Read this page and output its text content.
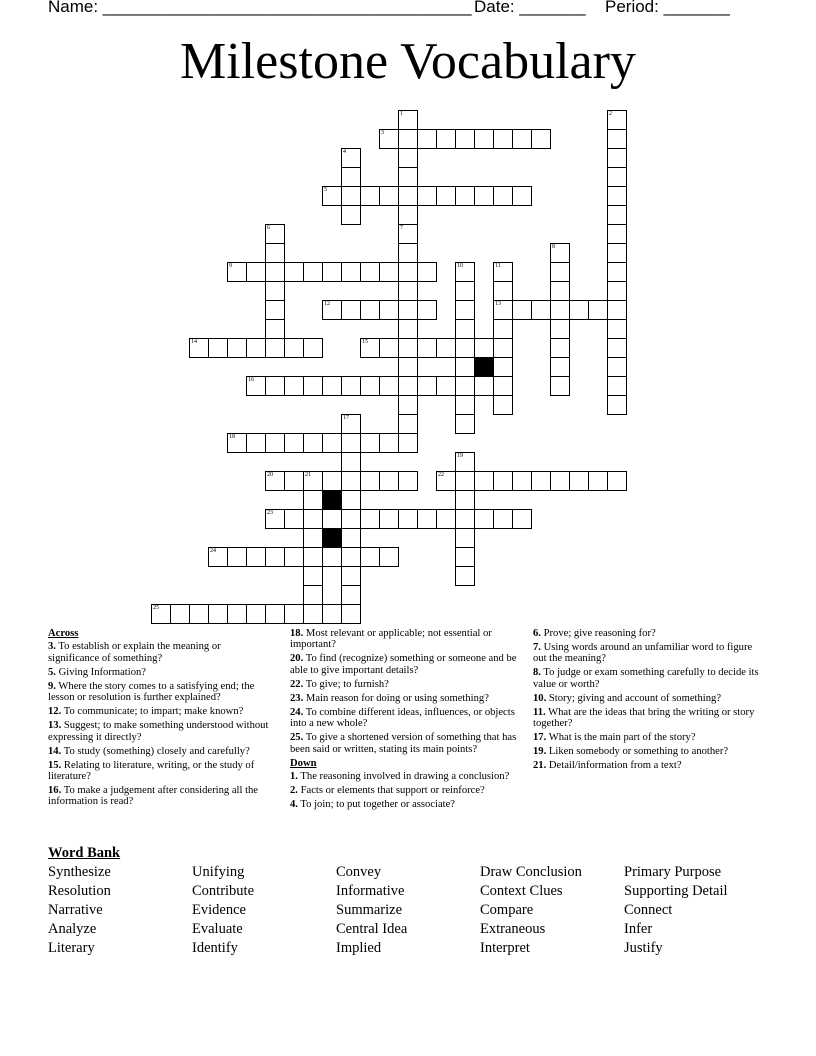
Name: _______________________________________

Date: _______

Period: _______

Milestone Vocabulary
3
5
9
12	13
14	15
16
18
20	21	22
23
24
25
1
7
2
4
6
8
10	11
17
19
Across
3. To establish or explain the meaning or significance of something?
5. Giving Information?
9. Where the story comes to a satisfying end; the lesson or resolution is further explained?
12. To communicate; to impart; make known?
13. Suggest; to make something understood without expressing it directly?
14. To study (something) closely and carefully?
15. Relating to literature, writing, or the study of literature?
16. To make a judgement after considering all the information is read?
18. Most relevant or applicable; not essential or important?
20. To find (recognize) something or someone and be able to give important details?
22. To give; to furnish?
23. Main reason for doing or using something?
24. To combine different ideas, influences, or objects into a new whole?
25. To give a shortened version of something that has been said or written, stating its main points?
Down
1. The reasoning involved in drawing a conclusion?
2. Facts or elements that support or reinforce?
4. To join; to put together or associate?
6. Prove; give reasoning for?
7. Using words around an unfamiliar word to figure out the meaning?
8. To judge or exam something carefully to decide its value or worth?
10. Story; giving and account of something?
11. What are the ideas that bring the writing or story together?
17. What is the main part of the story?
19. Liken somebody or something to another?
21. Detail/information from a text?
Word Bank
Synthesize
Resolution
Narrative
Analyze
Literary
Unifying
Contribute
Evidence
Evaluate
Identify
Convey
Informative
Summarize
Central Idea
Implied
Draw Conclusion
Context Clues
Compare
Extraneous
Interpret
Primary Purpose
Supporting Detail
Connect
Infer
Justify
